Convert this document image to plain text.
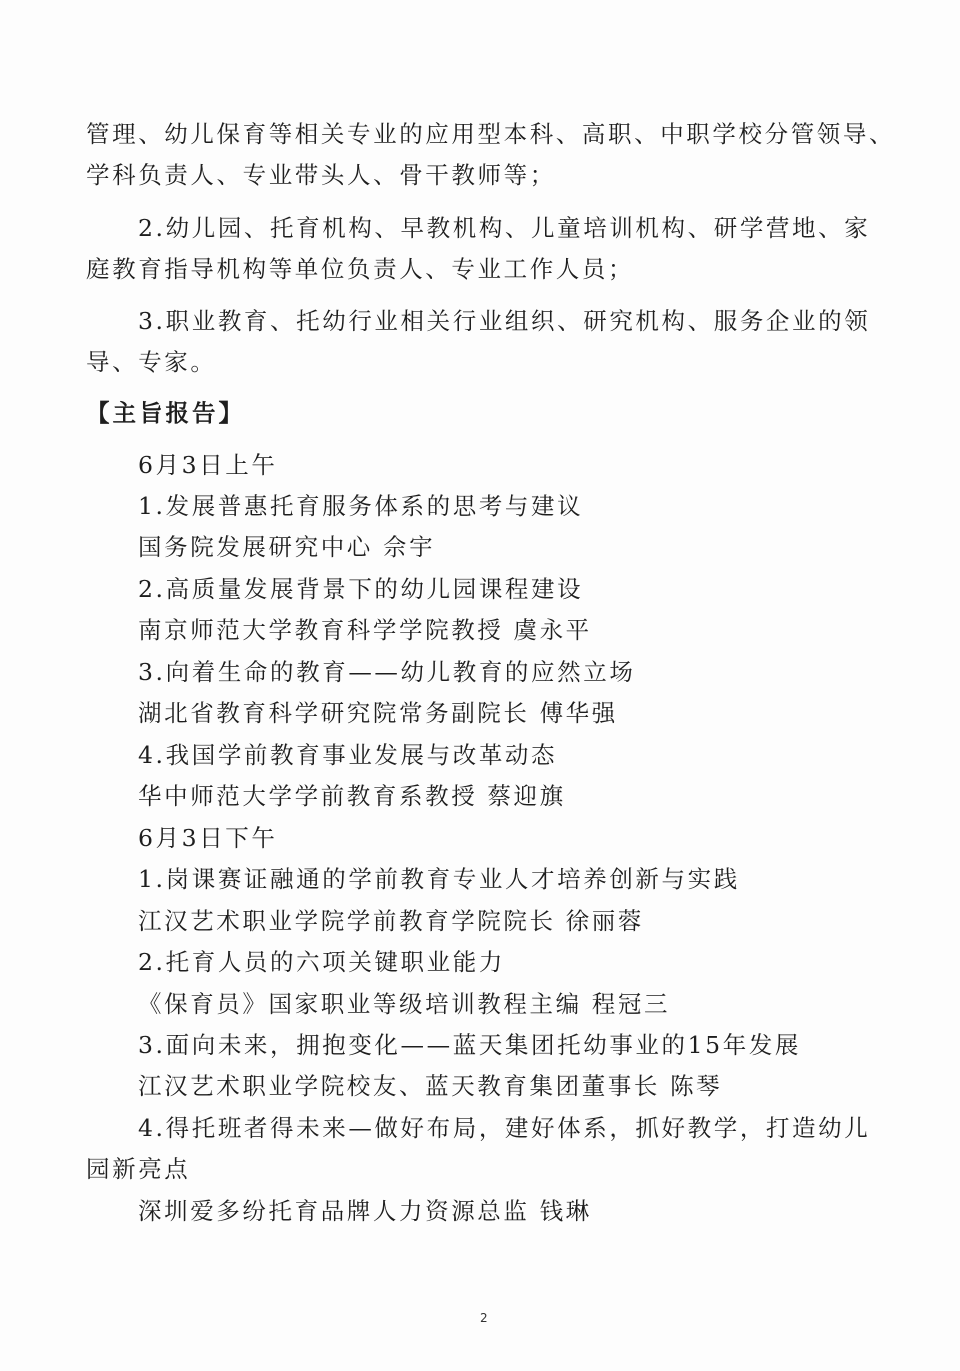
管理、幼儿保育等相关专业的应用型本科、高职、中职学校分管领导、
学科负责人、专业带头人、骨干教师等；
2.幼儿园、托育机构、早教机构、儿童培训机构、研学营地、家
庭教育指导机构等单位负责人、专业工作人员；
3.职业教育、托幼行业相关行业组织、研究机构、服务企业的领
导、专家。
【主旨报告】
6月3日上午
1.发展普惠托育服务体系的思考与建议
国务院发展研究中心 佘宇
2.高质量发展背景下的幼儿园课程建设
南京师范大学教育科学学院教授 虞永平
3.向着生命的教育——幼儿教育的应然立场
湖北省教育科学研究院常务副院长 傅华强
4.我国学前教育事业发展与改革动态
华中师范大学学前教育系教授 蔡迎旗
6月3日下午
1.岗课赛证融通的学前教育专业人才培养创新与实践
江汉艺术职业学院学前教育学院院长 徐丽蓉
2.托育人员的六项关键职业能力
《保育员》国家职业等级培训教程主编 程冠三
3.面向未来，拥抱变化——蓝天集团托幼事业的15年发展
江汉艺术职业学院校友、蓝天教育集团董事长 陈琴
4.得托班者得未来—做好布局，建好体系，抓好教学，打造幼儿
园新亮点
深圳爱多纷托育品牌人力资源总监 钱琳
2
